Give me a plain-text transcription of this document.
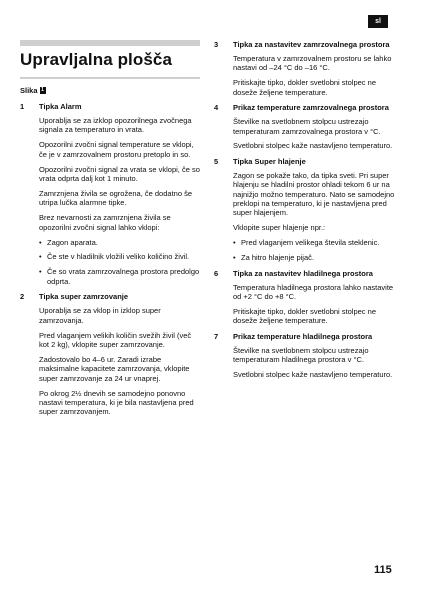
sl
Upravljalna plošča
Slika 1
1	Tipka Alarm
Uporablja se za izklop opozorilnega zvočnega signala za temperaturo in vrata.
Opozorilni zvočni signal temperature se vklopi, če je v zamrzovalnem prostoru pretoplo in so.
Opozorilni zvočni signal za vrata se vklopi, če so vrata odprta dalj kot 1 minuto.
Zamrznjena živila se ogrožena, če dodatno še utripa lučka alarmne tipke.
Brez nevarnosti za zamrznjena živila se opozorilni zvočni signal lahko vklopi:
• Zagon aparata.
• Če ste v hladilnik vložili veliko količino živil.
• Če so vrata zamrzovalnega prostora predolgo odprta.
2	Tipka super zamrzovanje
Uporablja se za vklop in izklop super zamrzovanja.
Pred vlaganjem velikih količin svežih živil (več kot 2 kg), vklopite super zamrzovanje.
Zadostovalo bo 4–6 ur. Zaradi izrabe maksimalne kapacitete zamrzovanja, vklopite super zamrzovanje za 24 ur vnaprej.
Po okrog 2½ dnevih se samodejno ponovno nastavi temperatura, ki je bila nastavljena pred super zamrzovanjem.
3	Tipka za nastavitev zamrzovalnega prostora
Temperatura v zamrzovalnem prostoru se lahko nastavi od –24 °C do –16 °C.
Pritiskajte tipko, dokler svetlobni stolpec ne doseže željene temperature.
4	Prikaz temperature zamrzovalnega prostora
Številke na svetlobnem stolpcu ustrezajo temperaturam zamrzovalnega prostora v °C.
Svetlobni stolpec kaže nastavljeno temperaturo.
5	Tipka Super hlajenje
Zagon se pokaže tako, da tipka sveti. Pri super hlajenju se hladilni prostor ohladi tekom 6 ur na najnižjo možno temperaturo. Nato se samodejno preklopi na temperaturo, ki je nastavljena pred super hlajenjem.
Vklopite super hlajenje npr.:
• Pred vlaganjem velikega števila steklenic.
• Za hitro hlajenje pijač.
6	Tipka za nastavitev hladilnega prostora
Temperatura hladilnega prostora lahko nastavite od +2 °C do +8 °C.
Pritiskajte tipko, dokler svetlobni stolpec ne doseže željene temperature.
7	Prikaz temperature hladilnega prostora
Številke na svetlobnem stolpcu ustrezajo temperaturam hladilnega prostora v °C.
Svetlobni stolpec kaže nastavljeno temperaturo.
115
